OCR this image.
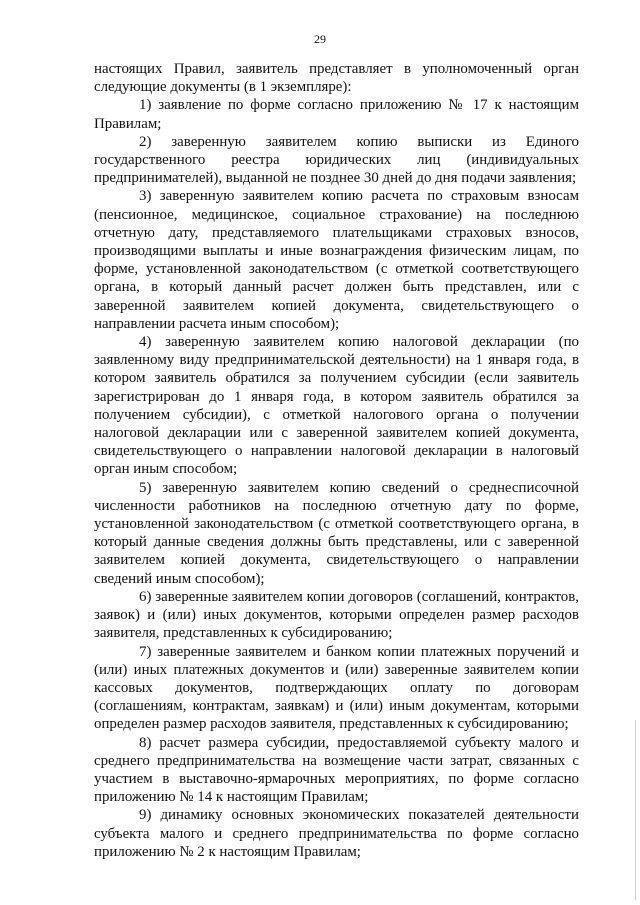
29

настоящих Правил, заявитель представляет в уполномоченный орган следующие документы (в 1 экземпляре):

1) заявление по форме согласно приложению № 17 к настоящим Правилам;

2) заверенную заявителем копию выписки из Единого государственного реестра юридических лиц (индивидуальных предпринимателей), выданной не позднее 30 дней до дня подачи заявления;

3) заверенную заявителем копию расчета по страховым взносам (пенсионное, медицинское, социальное страхование) на последнюю отчетную дату, представляемого плательщиками страховых взносов, производящими выплаты и иные вознаграждения физическим лицам, по форме, установленной законодательством (с отметкой соответствующего органа, в который данный расчет должен быть представлен, или с заверенной заявителем копией документа, свидетельствующего о направлении расчета иным способом);

4) заверенную заявителем копию налоговой декларации (по заявленному виду предпринимательской деятельности) на 1 января года, в котором заявитель обратился за получением субсидии (если заявитель зарегистрирован до 1 января года, в котором заявитель обратился за получением субсидии), с отметкой налогового органа о получении налоговой декларации или с заверенной заявителем копией документа, свидетельствующего о направлении налоговой декларации в налоговый орган иным способом;

5) заверенную заявителем копию сведений о среднесписочной численности работников на последнюю отчетную дату по форме, установленной законодательством (с отметкой соответствующего органа, в который данные сведения должны быть представлены, или с заверенной заявителем копией документа, свидетельствующего о направлении сведений иным способом);

6) заверенные заявителем копии договоров (соглашений, контрактов, заявок) и (или) иных документов, которыми определен размер расходов заявителя, представленных к субсидированию;

7) заверенные заявителем и банком копии платежных поручений и (или) иных платежных документов и (или) заверенные заявителем копии кассовых документов, подтверждающих оплату по договорам (соглашениям, контрактам, заявкам) и (или) иным документам, которыми определен размер расходов заявителя, представленных к субсидированию;

8) расчет размера субсидии, предоставляемой субъекту малого и среднего предпринимательства на возмещение части затрат, связанных с участием в выставочно-ярмарочных мероприятиях, по форме согласно приложению № 14 к настоящим Правилам;

9) динамику основных экономических показателей деятельности субъекта малого и среднего предпринимательства по форме согласно приложению № 2 к настоящим Правилам;
